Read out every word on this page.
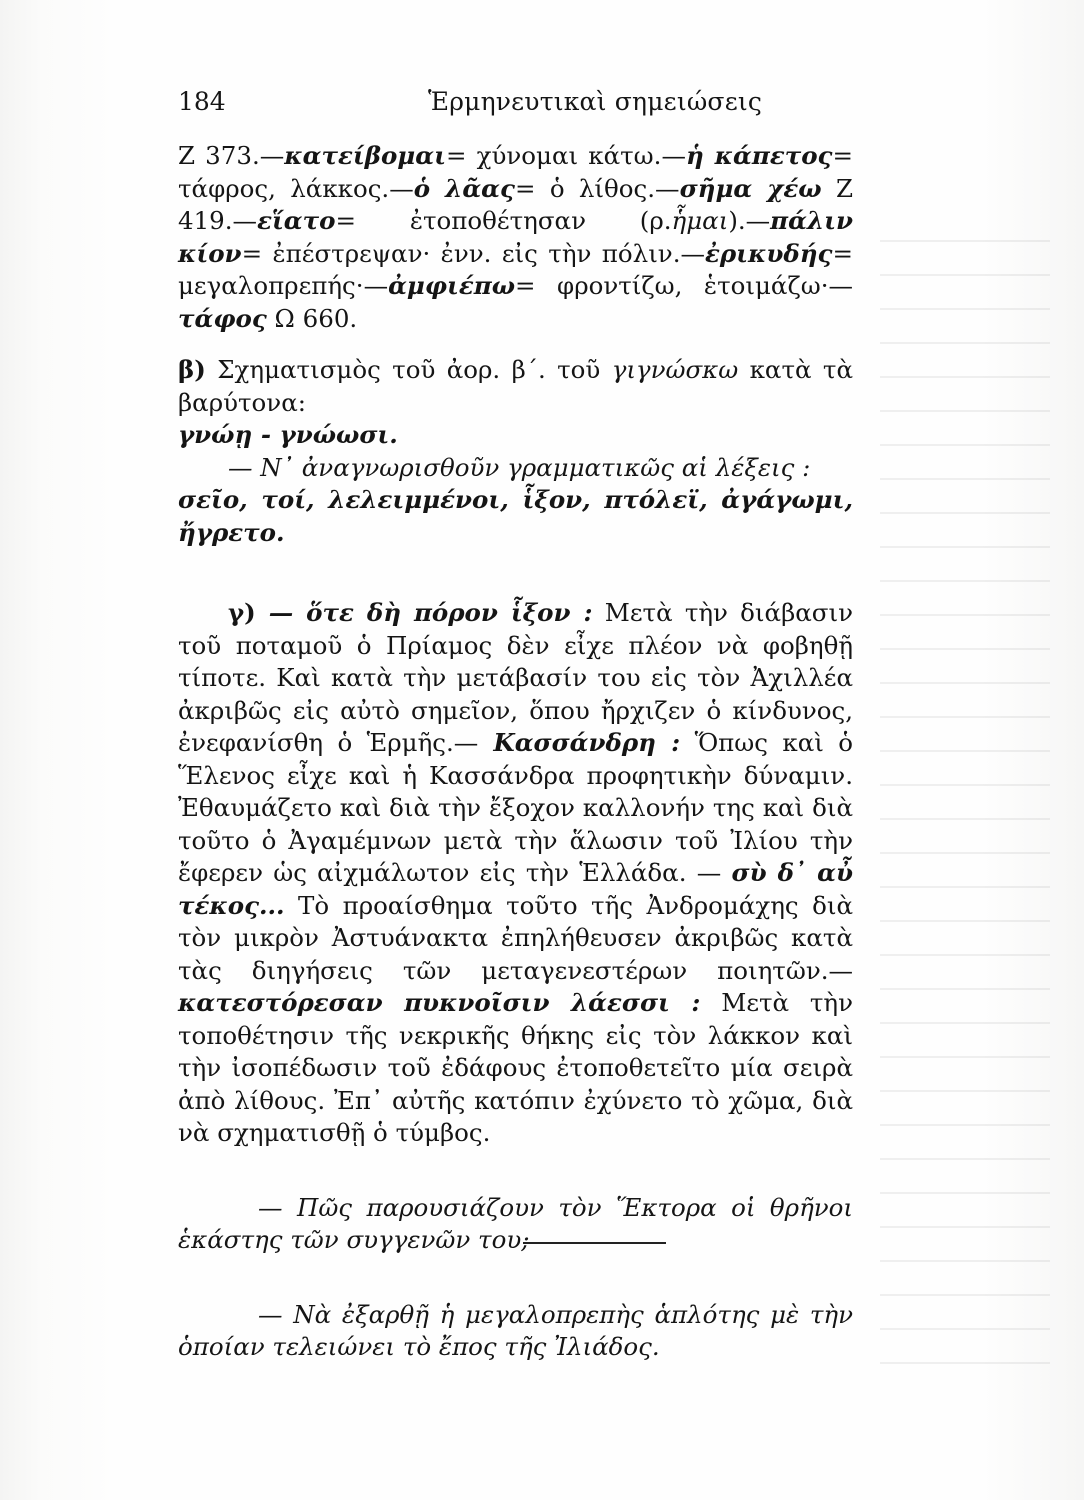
184	Ἑρμηνευτικαὶ σημειώσεις

Ζ 373.—κατείβομαι= χύνομαι κάτω.—ἡ κάπετος= τάφρος, λάκκος.—ὁ λᾶας= ὁ λίθος.—σῆμα χέω Ζ 419.—εἵατο= ἐτοποθέτησαν (ρ.ἧμαι).—πάλιν κίον= ἐπέστρεψαν· ἐνν. εἰς τὴν πόλιν.—ἐρικυδής= μεγαλοπρεπής·—ἀμφιέπω= φροντίζω, ἑτοιμάζω·—τάφος Ω 660.

β) Σχηματισμὸς τοῦ ἀορ. β΄. τοῦ γιγνώσκω κατὰ τὰ βαρύτονα:

γνώῃ - γνώωσι.

— Ν᾽ ἀναγνωρισθοῦν γραμματικῶς αἱ λέξεις :

σεῖο, τοί, λελειμμένοι, ἷξον, πτόλεϊ, ἀγάγωμι, ἤγρετο.

γ) — ὅτε δὴ πόρον ἷξον : Μετὰ τὴν διάβασιν τοῦ ποταμοῦ ὁ Πρίαμος δὲν εἶχε πλέον νὰ φοβηθῇ τίποτε. Καὶ κατὰ τὴν μετάβασίν του εἰς τὸν Ἀχιλλέα ἀκριβῶς εἰς αὐτὸ σημεῖον, ὅπου ἤρχιζεν ὁ κίνδυνος, ἐνεφανίσθη ὁ Ἑρμῆς.— Κασσάνδρη : Ὅπως καὶ ὁ Ἕλενος εἶχε καὶ ἡ Κασσάνδρα προφητικὴν δύναμιν. Ἐθαυμάζετο καὶ διὰ τὴν ἔξοχον καλλονήν της καὶ διὰ τοῦτο ὁ Ἀγαμέμνων μετὰ τὴν ἅλωσιν τοῦ Ἰλίου τὴν ἔφερεν ὡς αἰχμάλωτον εἰς τὴν Ἑλλάδα. — σὺ δ᾽ αὖ τέκος... Τὸ προαίσθημα τοῦτο τῆς Ἀνδρομάχης διὰ τὸν μικρὸν Ἀστυάνακτα ἐπηλήθευσεν ἀκριβῶς κατὰ τὰς διηγήσεις τῶν μεταγενεστέρων ποιητῶν.—κατεστόρεσαν πυκνοῖσιν λάεσσι : Μετὰ τὴν τοποθέτησιν τῆς νεκρικῆς θήκης εἰς τὸν λάκκον καὶ τὴν ἰσοπέδωσιν τοῦ ἐδάφους ἐτοποθετεῖτο μία σειρὰ ἀπὸ λίθους. Ἐπ᾽ αὐτῆς κατόπιν ἐχύνετο τὸ χῶμα, διὰ νὰ σχηματισθῇ ὁ τύμβος.

— Πῶς παρουσιάζουν τὸν Ἕκτορα οἱ θρῆνοι ἑκάστης τῶν συγγενῶν του;

— Νὰ ἐξαρθῇ ἡ μεγαλοπρεπὴς ἁπλότης μὲ τὴν ὁποίαν τελειώνει τὸ ἔπος τῆς Ἰλιάδος.
